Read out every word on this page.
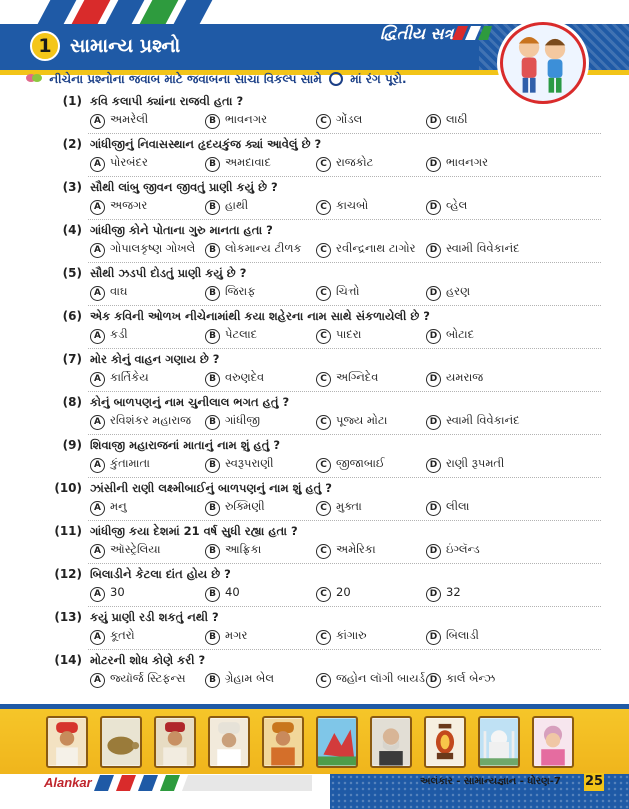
1 સામાન્ય પ્રશ્નો
દ્વિતીય સત્ર
નીચેના પ્રશ્નોના જવાબ માટે જવાબના સાચા વિકલ્પ સામે માં રંગ પૂરો.
(1) કવિ કલાપી ક્યાંના રાજવી હતા ?
A અમરેલી	B ભાવનગર	C ગોંડલ	D લાઠી
(2) ગાંધીજીનું નિવાસસ્થાન હૃદયકુંજ ક્યાં આવેલું છે ?
A પોરબંદર	B અમદાવાદ	C રાજકોટ	D ભાવનગર
(3) સૌથી લાંબુ જીવન જીવતું પ્રાણી કયું છે ?
A અજગર	B હાથી	C કાચબો	D વ્હેલ
(4) ગાંધીજી કોને પોતાના ગુરુ માનતા હતા ?
A ગોપાલકૃષ્ણ ગોખલે	B લોકમાન્ય ટીળક	C રવીન્દ્રનાથ ટાગોર	D સ્વામી વિવેકાનંદ
(5) સૌથી ઝડપી દોડતું પ્રાણી કયું છે ?
A વાઘ	B જિરાફ	C ચિત્તો	D હરણ
(6) એક કવિની ઓળખ નીચેનામાંથી કયા શહેરના નામ સાથે સંકળાયેલી છે ?
A કડી	B પેટલાદ	C પાદરા	D બોટાદ
(7) મોર કોનું વાહન ગણાય છે ?
A કાર્તિકેય	B વરુણદેવ	C અગ્નિદેવ	D યમરાજ
(8) કોનું બાળપણનું નામ ચુનીલાલ ભગત હતું ?
A રવિશંકર મહારાજ	B ગાંધીજી	C પૂજ્ય મોટા	D સ્વામી વિવેકાનંદ
(9) શિવાજી મહારાજનાં માતાનું નામ શું હતું ?
A કુંતામાતા	B સ્વરૂપરાણી	C જીજાબાઈ	D રાણી રૂપમતી
(10) ઝાંસીની રાણી લક્ષ્મીબાઈનું બાળપણનું નામ શું હતું ?
A મનુ	B રુક્મિણી	C મુક્તા	D લીલા
(11) ગાંધીજી કયા દેશમાં 21 વર્ષ સુધી રહ્યા હતા ?
A ઑસ્ટ્રેલિયા	B આફ્રિકા	C અમેરિકા	D ઇંગ્લૅન્ડ
(12) બિલાડીને કેટલા દાંત હોય છે ?
A 30	B 40	C 20	D 32
(13) કયું પ્રાણી રડી શકતું નથી ?
A કૂતરો	B મગર	C કાંગારુ	D બિલાડી
(14) મોટરની શોધ કોણે કરી ?
A જ્યૉર્જ સ્ટિફન્સ	B ગ્રેહામ બેલ	C જહોન લૉગી બાયર્ડ D કાર્લ બેન્ઝ
Alankar	અલંકાર - સામાન્યજ્ઞાન - ધોરણ-7 25
